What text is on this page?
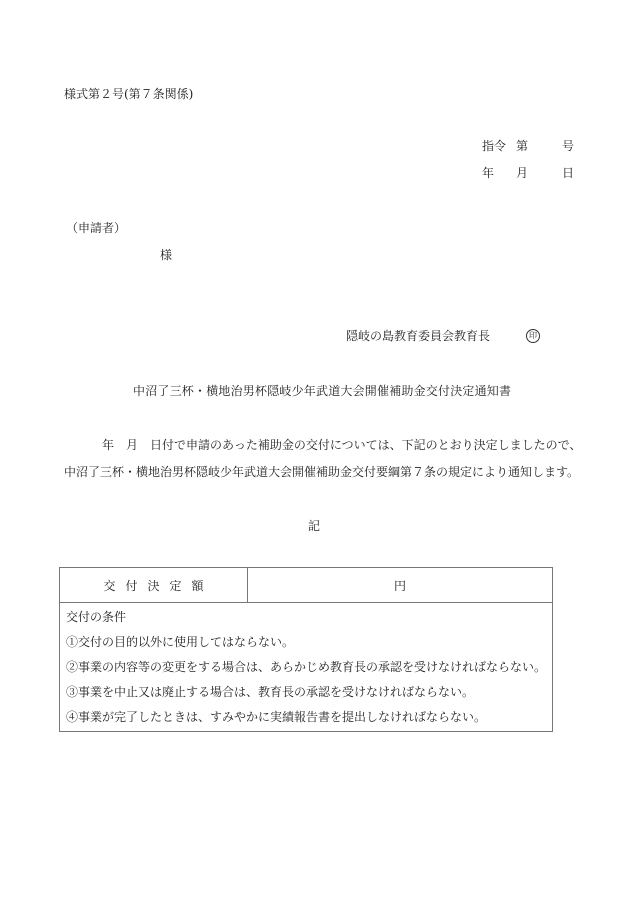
様式第２号(第７条関係)
指令 第	号
年 月	日
（申請者）
様
隠岐の島教育委員会教育長	印
中沼了三杯・横地治男杯隠岐少年武道大会開催補助金交付決定通知書
年　月　日付で申請のあった補助金の交付については、下記のとおり決定しましたので、
中沼了三杯・横地治男杯隠岐少年武道大会開催補助金交付要綱第７条の規定により通知します。
記
交付決定額	円
交付の条件
①交付の目的以外に使用してはならない。
②事業の内容等の変更をする場合は、あらかじめ教育長の承認を受けなければならない。
③事業を中止又は廃止する場合は、教育長の承認を受けなければならない。
④事業が完了したときは、すみやかに実績報告書を提出しなければならない。
